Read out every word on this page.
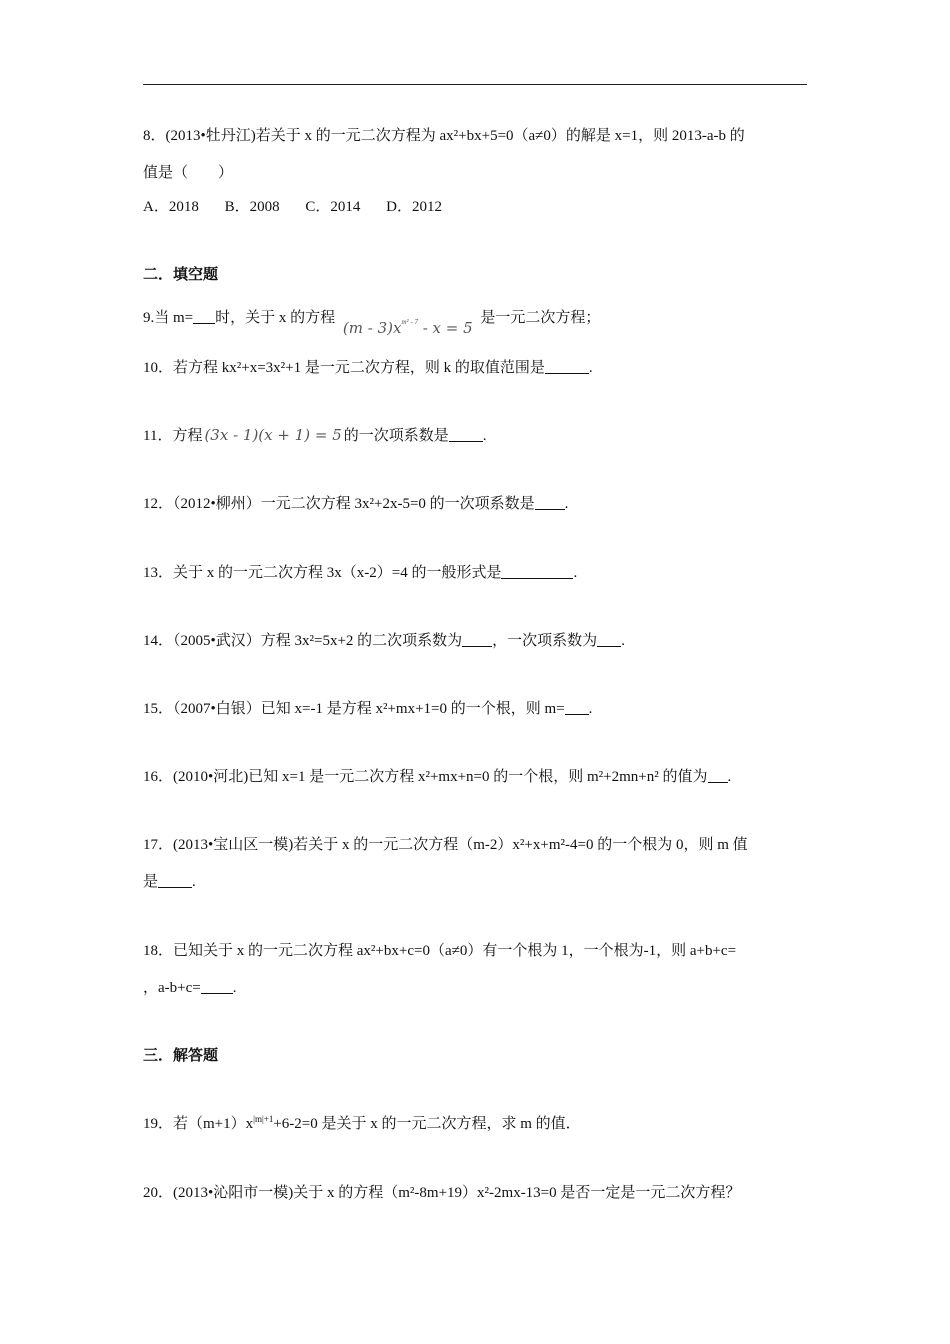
8．(2013•牡丹江)若关于 x 的一元二次方程为 ax²+bx+5=0（a≠0）的解是 x=1，则 2013-a-b 的
值是（　　）
A．2018 B．2008 C．2014 D．2012
二．填空题
9.当 m= 时，关于 x 的方程 $(m - 3)x^{m^2 - 7} - x = 5$ 是一元二次方程；
10．若方程 kx²+x=3x²+1 是一元二次方程，则 k 的取值范围是	.
11．方程 (3x - 1)(x + 1) = 5 的一次项系数是 .
12．（2012•柳州）一元二次方程 3x²+2x-5=0 的一次项系数是 .
13．关于 x 的一元二次方程 3x（x-2）=4 的一般形式是	.
14．（2005•武汉）方程 3x²=5x+2 的二次项系数为 ，一次项系数为 .
15．（2007•白银）已知 x=-1 是方程 x²+mx+1=0 的一个根，则 m= .
16．(2010•河北)已知 x=1 是一元二次方程 x²+mx+n=0 的一个根，则 m²+2mn+n² 的值为 .
17．(2013•宝山区一模)若关于 x 的一元二次方程（m-2）x²+x+m²-4=0 的一个根为 0，则 m 值
是 .
18．已知关于 x 的一元二次方程 ax²+bx+c=0（a≠0）有一个根为 1，一个根为-1，则 a+b+c=
，a-b+c= .
三．解答题
19．若$(m+1)x^{|m|+1}+6-2=0$ 是关于 x 的一元二次方程，求 m 的值．
20．(2013•沁阳市一模)关于 x 的方程（m²-8m+19）x²-2mx-13=0 是否一定是一元二次方程？
